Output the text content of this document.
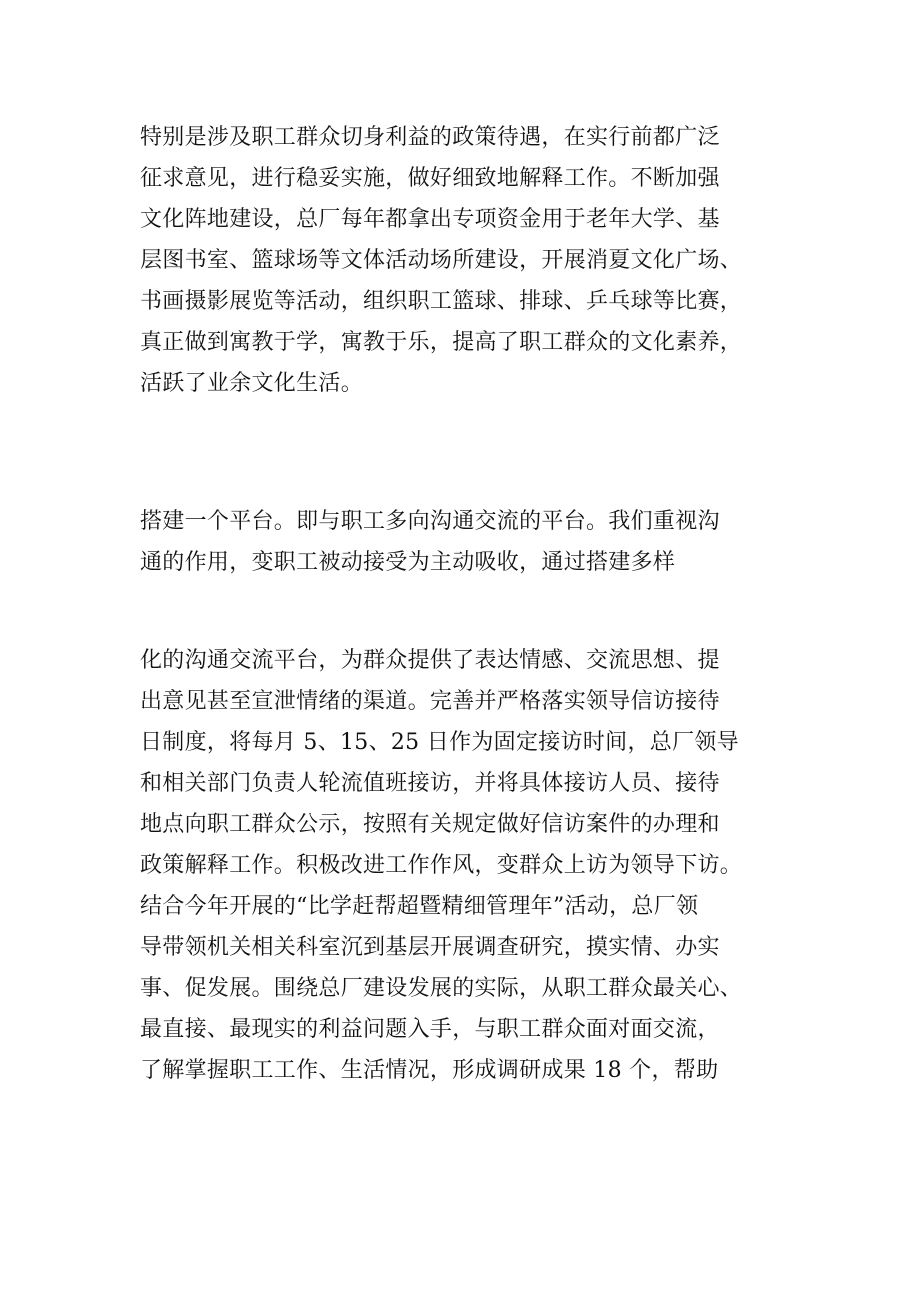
特别是涉及职工群众切身利益的政策待遇，在实行前都广泛
征求意见，进行稳妥实施，做好细致地解释工作。不断加强
文化阵地建设，总厂每年都拿出专项资金用于老年大学、基
层图书室、篮球场等文体活动场所建设，开展消夏文化广场、
书画摄影展览等活动，组织职工篮球、排球、乒乓球等比赛，
真正做到寓教于学，寓教于乐，提高了职工群众的文化素养，
活跃了业余文化生活。
搭建一个平台。即与职工多向沟通交流的平台。我们重视沟
通的作用，变职工被动接受为主动吸收，通过搭建多样
化的沟通交流平台，为群众提供了表达情感、交流思想、提
出意见甚至宣泄情绪的渠道。完善并严格落实领导信访接待
日制度，将每月 5、15、25 日作为固定接访时间，总厂领导
和相关部门负责人轮流值班接访，并将具体接访人员、接待
地点向职工群众公示，按照有关规定做好信访案件的办理和
政策解释工作。积极改进工作作风，变群众上访为领导下访。
结合今年开展的“比学赶帮超暨精细管理年”活动，总厂领
导带领机关相关科室沉到基层开展调查研究，摸实情、办实
事、促发展。围绕总厂建设发展的实际，从职工群众最关心、
最直接、最现实的利益问题入手，与职工群众面对面交流，
了解掌握职工工作、生活情况，形成调研成果 18 个，帮助
